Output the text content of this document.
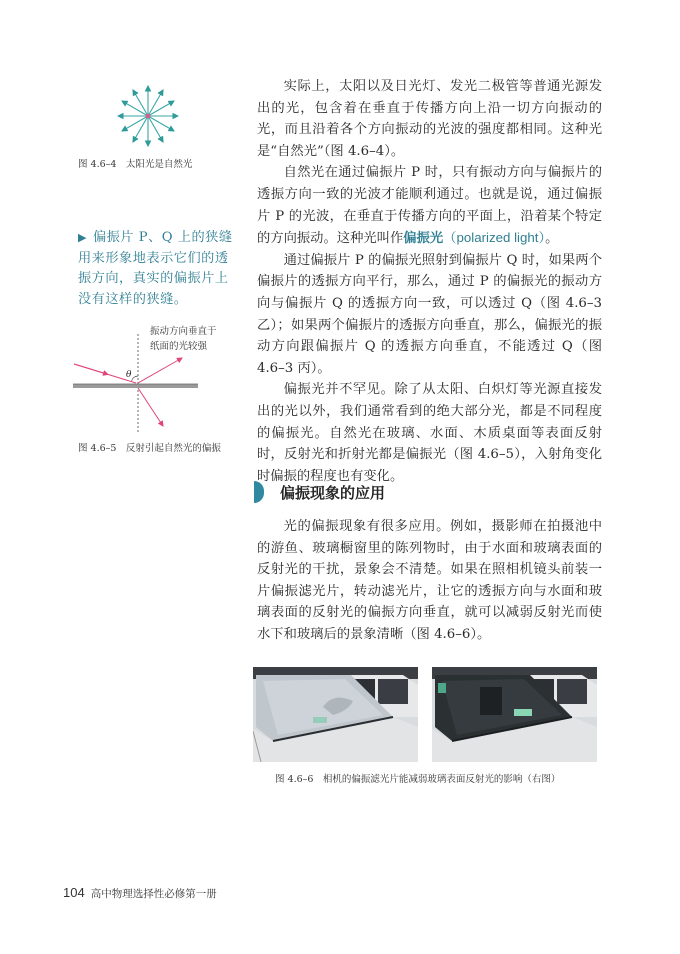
图 4.6–4　太阳光是自然光
▶ 偏振片 P、Q 上的狭缝用来形象地表示它们的透振方向，真实的偏振片上没有这样的狭缝。
θ
振动方向垂直于
纸面的光较强
图 4.6–5　反射引起自然光的偏振

实际上，太阳以及日光灯、发光二极管等普通光源发出的光，包含着在垂直于传播方向上沿一切方向振动的光，而且沿着各个方向振动的光波的强度都相同。这种光是“自然光”（图 4.6–4）。

自然光在通过偏振片 P 时，只有振动方向与偏振片的透振方向一致的光波才能顺利通过。也就是说，通过偏振片 P 的光波，在垂直于传播方向的平面上，沿着某个特定的方向振动。这种光叫作偏振光（polarized light）。

通过偏振片 P 的偏振光照射到偏振片 Q 时，如果两个偏振片的透振方向平行，那么，通过 P 的偏振光的振动方向与偏振片 Q 的透振方向一致，可以透过 Q（图 4.6–3 乙）；如果两个偏振片的透振方向垂直，那么，偏振光的振动方向跟偏振片 Q 的透振方向垂直，不能透过 Q（图 4.6–3 丙）。

偏振光并不罕见。除了从太阳、白炽灯等光源直接发出的光以外，我们通常看到的绝大部分光，都是不同程度的偏振光。自然光在玻璃、水面、木质桌面等表面反射时，反射光和折射光都是偏振光（图 4.6–5），入射角变化时偏振的程度也有变化。

偏振现象的应用

光的偏振现象有很多应用。例如，摄影师在拍摄池中的游鱼、玻璃橱窗里的陈列物时，由于水面和玻璃表面的反射光的干扰，景象会不清楚。如果在照相机镜头前装一片偏振滤光片，转动滤光片，让它的透振方向与水面和玻璃表面的反射光的偏振方向垂直，就可以减弱反射光而使水下和玻璃后的景象清晰（图 4.6–6）。

图 4.6–6　相机的偏振滤光片能减弱玻璃表面反射光的影响（右图）
104 高中物理选择性必修第一册
